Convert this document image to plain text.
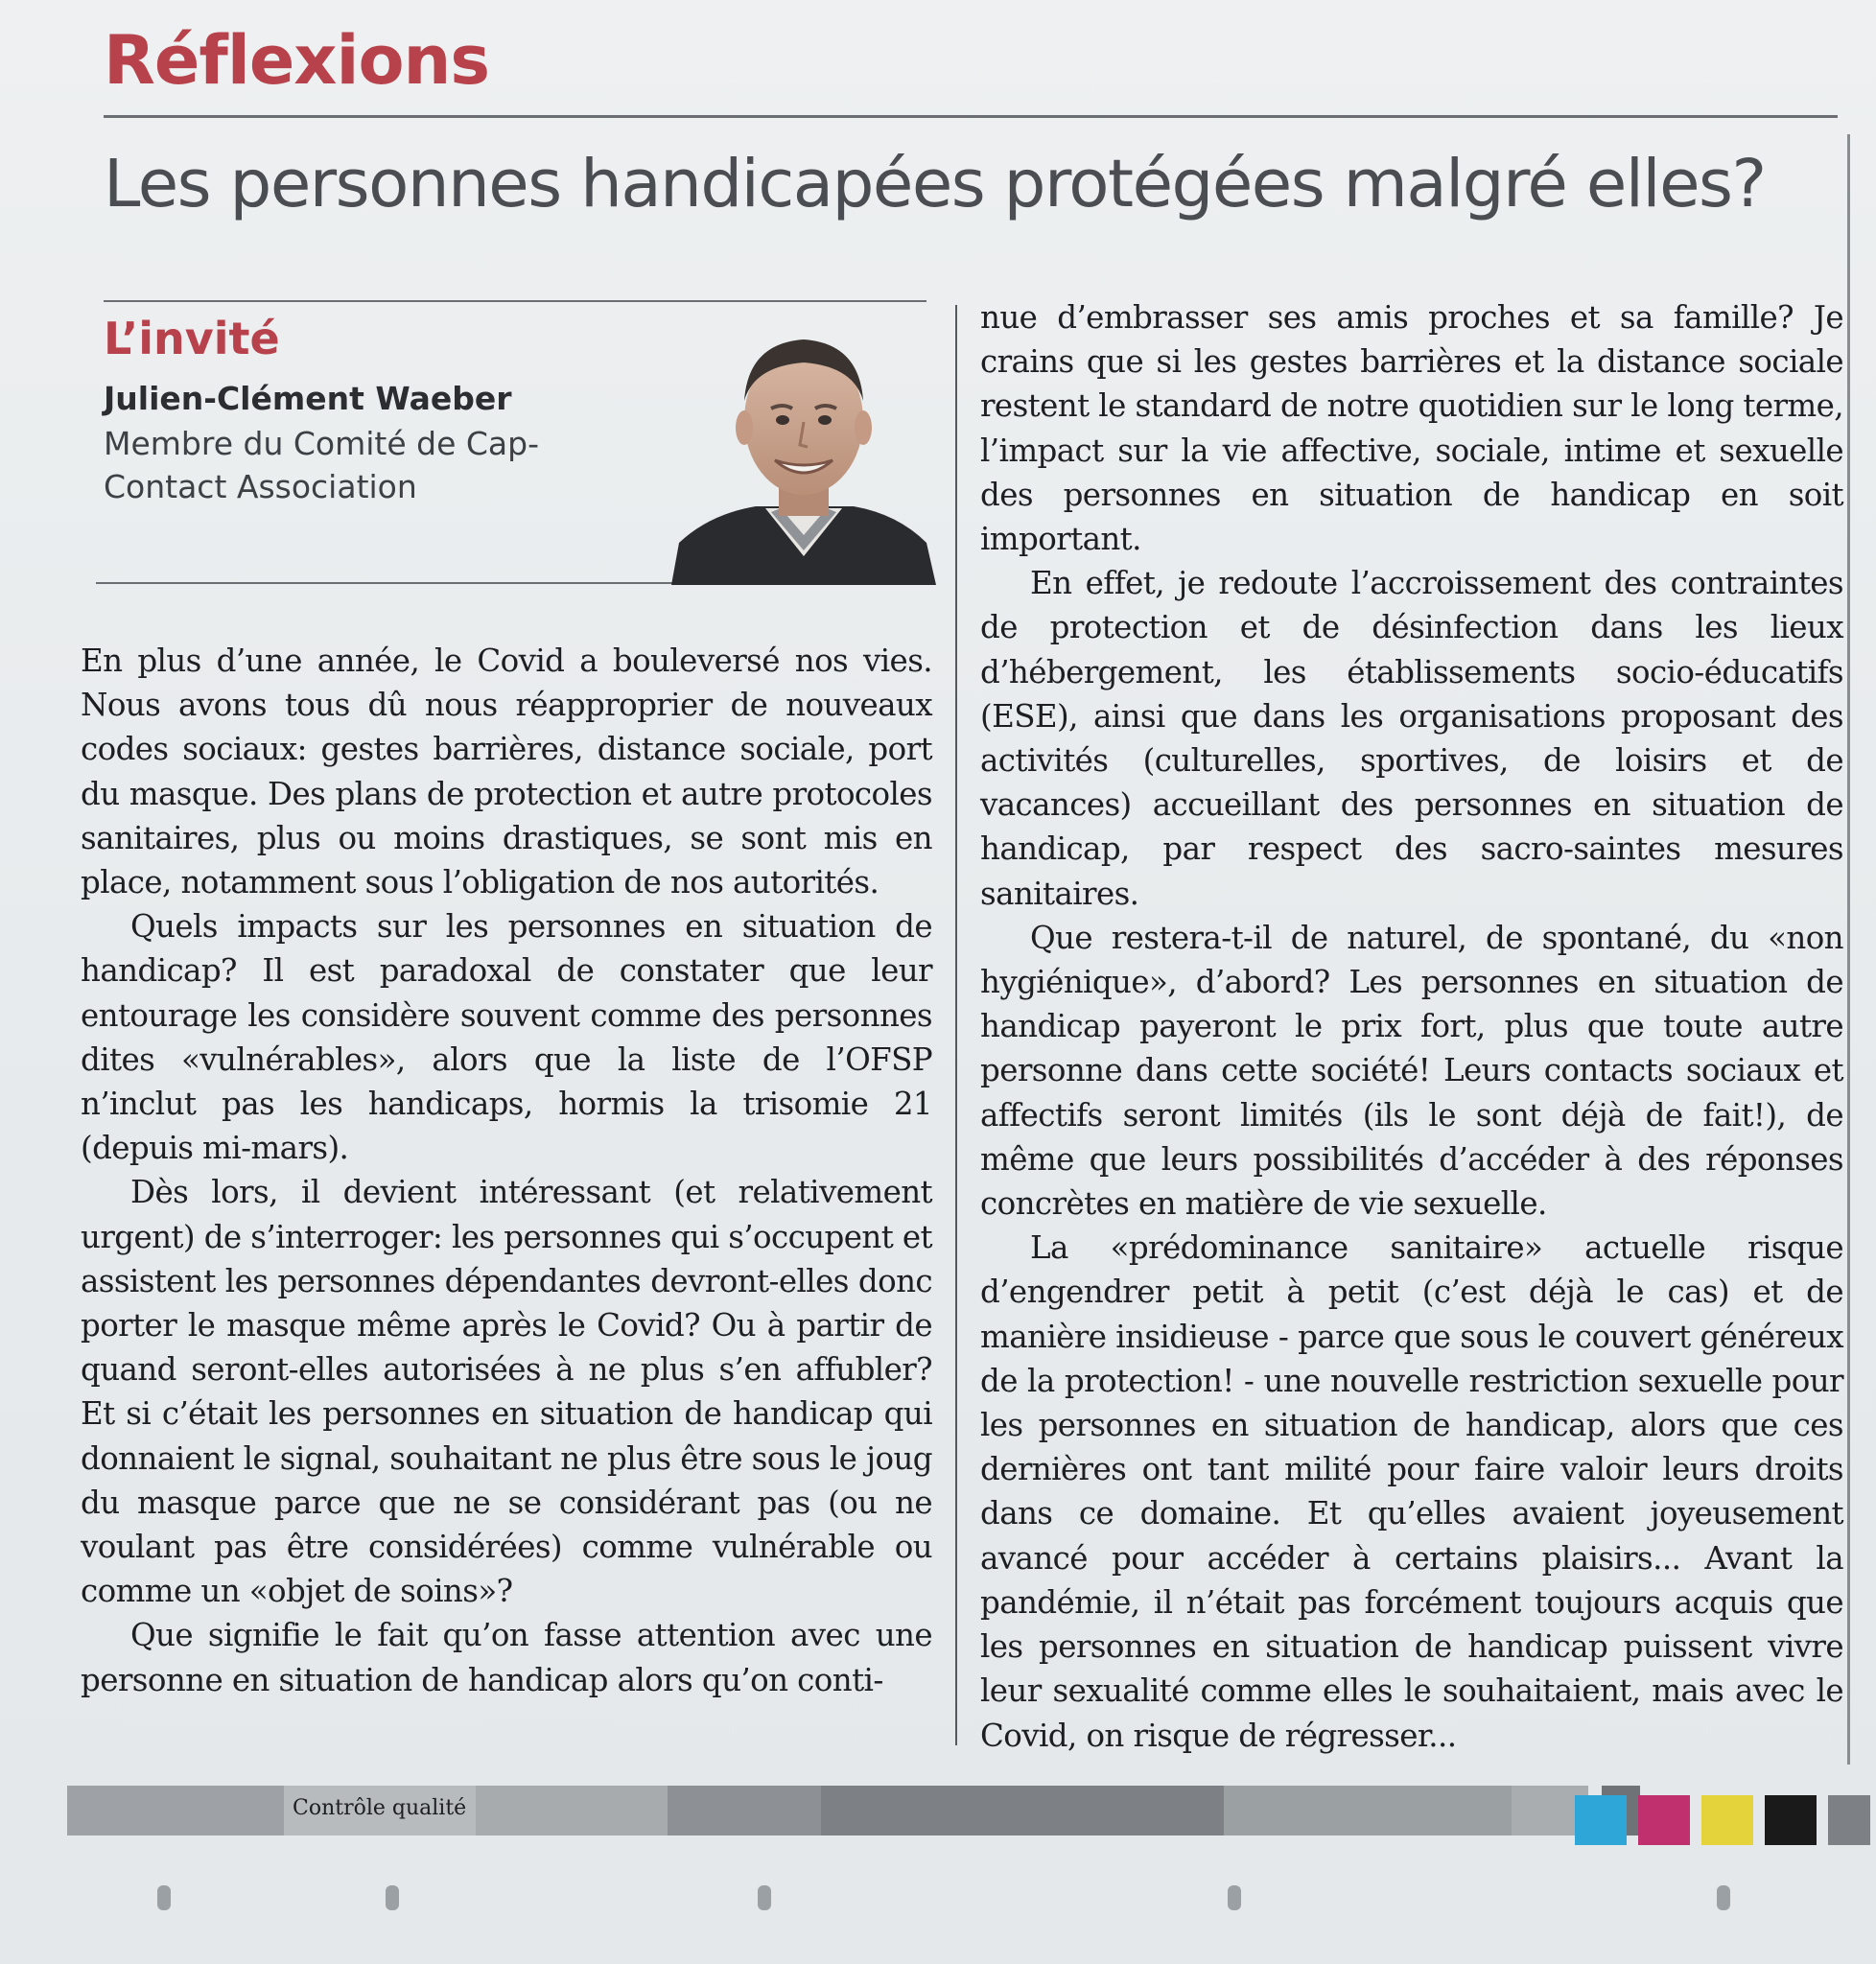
Réflexions
Les personnes handicapées protégées malgré elles?
L’invité
Julien-Clément Waeber
Membre du Comité de Cap-Contact Association

En plus d’une année, le Covid a bouleversé nos vies. Nous avons tous dû nous réapproprier de nouveaux codes sociaux: gestes barrières, distance sociale, port du masque. Des plans de protection et autre protocoles sanitaires, plus ou moins drastiques, se sont mis en place, notamment sous l’obligation de nos autorités.

Quels impacts sur les personnes en situation de handicap? Il est paradoxal de constater que leur entourage les considère souvent comme des personnes dites «vulnérables», alors que la liste de l’OFSP n’inclut pas les handicaps, hormis la trisomie 21 (depuis mi-mars).

Dès lors, il devient intéressant (et relativement urgent) de s’interroger: les personnes qui s’occupent et assistent les personnes dépendantes devront-elles donc porter le masque même après le Covid? Ou à partir de quand seront-elles autorisées à ne plus s’en affubler? Et si c’était les personnes en situation de handicap qui donnaient le signal, souhaitant ne plus être sous le joug du masque parce que ne se considérant pas (ou ne voulant pas être considérées) comme vulnérable ou comme un «objet de soins»?

Que signifie le fait qu’on fasse attention avec une personne en situation de handicap alors qu’on conti-

nue d’embrasser ses amis proches et sa famille? Je crains que si les gestes barrières et la distance sociale restent le standard de notre quotidien sur le long terme, l’impact sur la vie affective, sociale, intime et sexuelle des personnes en situation de handicap en soit important.

En effet, je redoute l’accroissement des contraintes de protection et de désinfection dans les lieux d’hébergement, les établissements socio-éducatifs (ESE), ainsi que dans les organisations proposant des activités (culturelles, sportives, de loisirs et de vacances) accueillant des personnes en situation de handicap, par respect des sacro-saintes mesures sanitaires.

Que restera-t-il de naturel, de spontané, du «non hygiénique», d’abord? Les personnes en situation de handicap payeront le prix fort, plus que toute autre personne dans cette société! Leurs contacts sociaux et affectifs seront limités (ils le sont déjà de fait!), de même que leurs possibilités d’accéder à des réponses concrètes en matière de vie sexuelle.

La «prédominance sanitaire» actuelle risque d’engendrer petit à petit (c’est déjà le cas) et de manière insidieuse - parce que sous le couvert généreux de la protection! - une nouvelle restriction sexuelle pour les personnes en situation de handicap, alors que ces dernières ont tant milité pour faire valoir leurs droits dans ce domaine. Et qu’elles avaient joyeusement avancé pour accéder à certains plaisirs... Avant la pandémie, il n’était pas forcément toujours acquis que les personnes en situation de handicap puissent vivre leur sexualité comme elles le souhaitaient, mais avec le Covid, on risque de régresser...

Contrôle qualité
